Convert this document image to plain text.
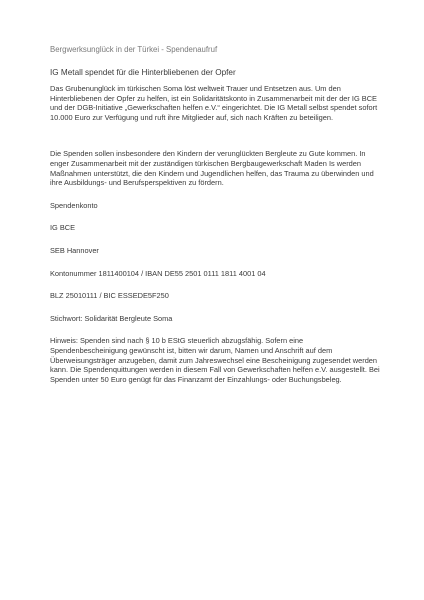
Bergwerksunglück in der Türkei - Spendenaufruf
IG Metall spendet für die Hinterbliebenen der Opfer

Das Grubenunglück im türkischen Soma löst weltweit Trauer und Entsetzen aus. Um den Hinterbliebenen der Opfer zu helfen, ist ein Solidaritätskonto in Zusammenarbeit mit der der IG BCE und der DGB-Initiative „Gewerkschaften helfen e.V.“ eingerichtet. Die IG Metall selbst spendet sofort 10.000 Euro zur Verfügung und ruft ihre Mitglieder auf, sich nach Kräften zu beteiligen.

Die Spenden sollen insbesondere den Kindern der verunglückten Bergleute zu Gute kommen. In enger Zusammenarbeit mit der zuständigen türkischen Bergbaugewerkschaft Maden Is werden Maßnahmen unterstützt, die den Kindern und Jugendlichen helfen, das Trauma zu überwinden und ihre Ausbildungs- und Berufsperspektiven zu fördern.

Spendenkonto
IG BCE
SEB Hannover
Kontonummer 1811400104 / IBAN DE55 2501 0111 1811 4001 04
BLZ 25010111 / BIC ESSEDE5F250
Stichwort: Solidarität Bergleute Soma

Hinweis: Spenden sind nach § 10 b EStG steuerlich abzugsfähig. Sofern eine Spendenbescheinigung gewünscht ist, bitten wir darum, Namen und Anschrift auf dem Überweisungsträger anzugeben, damit zum Jahreswechsel eine Bescheinigung zugesendet werden kann. Die Spendenquittungen werden in diesem Fall von Gewerkschaften helfen e.V. ausgestellt. Bei Spenden unter 50 Euro genügt für das Finanzamt der Einzahlungs- oder Buchungsbeleg.
